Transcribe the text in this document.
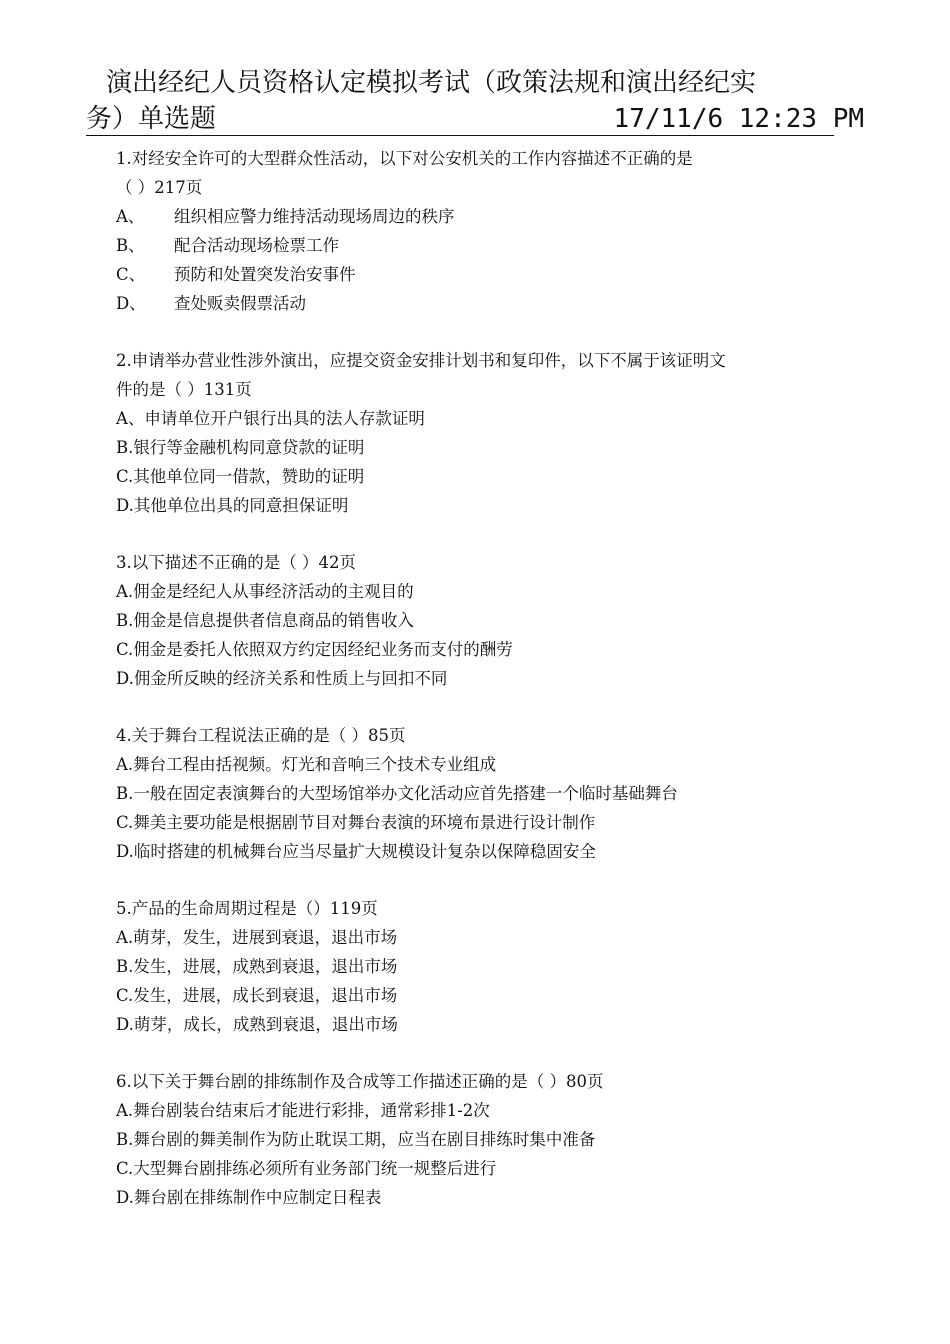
演出经纪人员资格认定模拟考试（政策法规和演出经纪实
务）单选题	17/11/6 12:23 PM
1.对经安全许可的大型群众性活动，以下对公安机关的工作内容描述不正确的是
（ ）217页
A、 组织相应警力维持活动现场周边的秩序
B、 配合活动现场检票工作
C、 预防和处置突发治安事件
D、 查处贩卖假票活动
2.申请举办营业性涉外演出，应提交资金安排计划书和复印件，以下不属于该证明文
件的是（ ）131页
A、申请单位开户银行出具的法人存款证明
B.银行等金融机构同意贷款的证明
C.其他单位同一借款，赞助的证明
D.其他单位出具的同意担保证明
3.以下描述不正确的是（ ）42页
A.佣金是经纪人从事经济活动的主观目的
B.佣金是信息提供者信息商品的销售收入
C.佣金是委托人依照双方约定因经纪业务而支付的酬劳
D.佣金所反映的经济关系和性质上与回扣不同
4.关于舞台工程说法正确的是（ ）85页
A.舞台工程由括视频。灯光和音响三个技术专业组成
B.一般在固定表演舞台的大型场馆举办文化活动应首先搭建一个临时基础舞台
C.舞美主要功能是根据剧节目对舞台表演的环境布景进行设计制作
D.临时搭建的机械舞台应当尽量扩大规模设计复杂以保障稳固安全
5.产品的生命周期过程是（）119页
A.萌芽，发生，进展到衰退，退出市场
B.发生，进展，成熟到衰退，退出市场
C.发生，进展，成长到衰退，退出市场
D.萌芽，成长，成熟到衰退，退出市场
6.以下关于舞台剧的排练制作及合成等工作描述正确的是（ ）80页
A.舞台剧装台结束后才能进行彩排，通常彩排1-2次
B.舞台剧的舞美制作为防止耽误工期，应当在剧目排练时集中准备
C.大型舞台剧排练必须所有业务部门统一规整后进行
D.舞台剧在排练制作中应制定日程表
